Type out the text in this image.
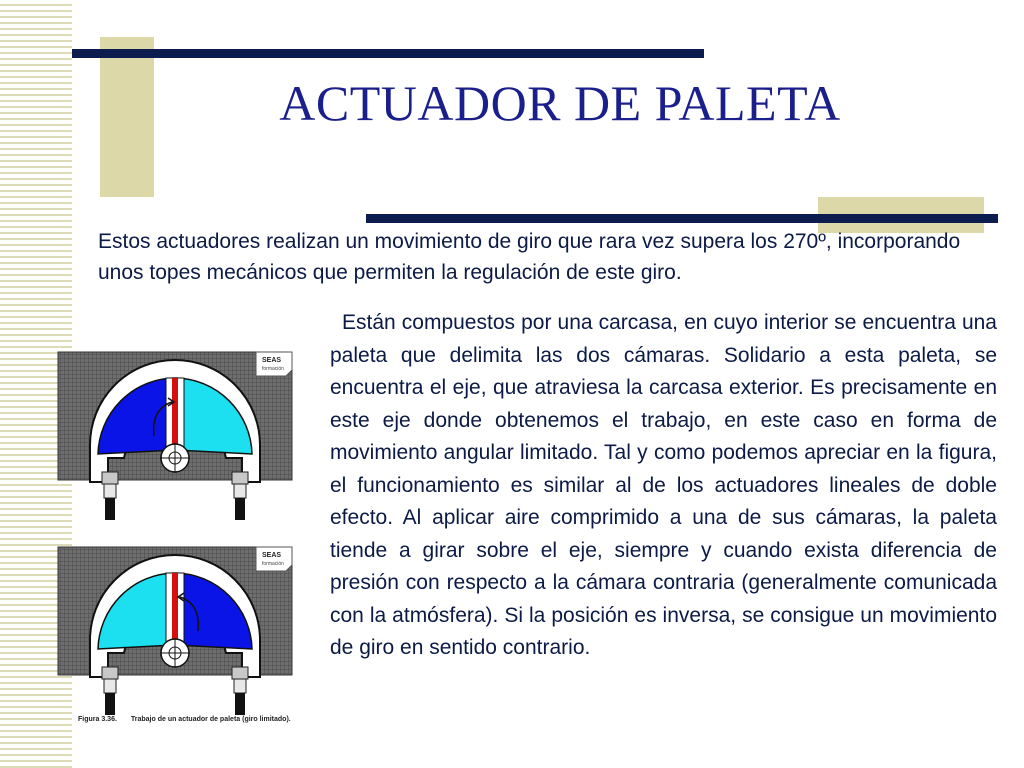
ACTUADOR DE PALETA

Estos actuadores realizan un movimiento de giro que rara vez supera los 270º, incorporando unos topes mecánicos que permiten la regulación de este giro.

Están compuestos por una carcasa, en cuyo interior se encuentra una paleta que delimita las dos cámaras. Solidario a esta paleta, se encuentra el eje, que atraviesa la carcasa exterior. Es precisamente en este eje donde obtenemos el trabajo, en este caso en forma de movimiento angular limitado. Tal y como podemos apreciar en la figura, el funcionamiento es similar al de los actuadores lineales de doble efecto. Al aplicar aire comprimido a una de sus cámaras, la paleta tiende a girar sobre el eje, siempre y cuando exista diferencia de presión con respecto a la cámara contraria (generalmente comunicada con la atmósfera). Si la posición es inversa, se consigue un movimiento de giro en sentido contrario.

SEAS
formación
SEAS
formación
Figura 3.36. Trabajo de un actuador de paleta (giro limitado).
